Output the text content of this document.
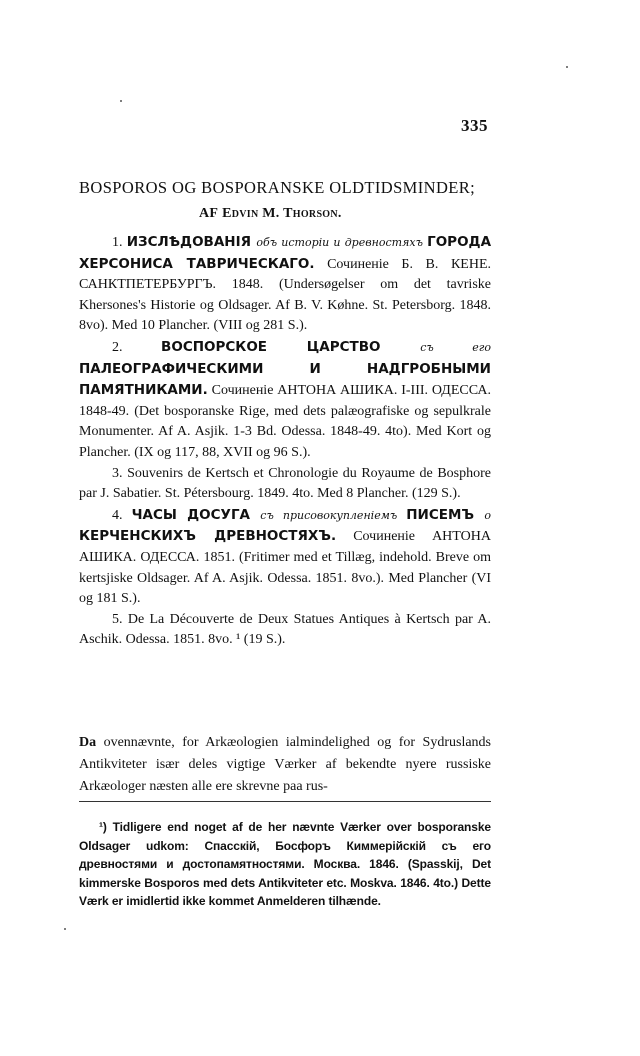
335
BOSPOROS OG BOSPORANSKE OLDTIDSMINDER;
AF Edvin M. Thorson.

1. ИЗСЛѢДОВАНІЯ объ исторіи и древностяхъ ГОРОДА ХЕРСОНИСА ТАВРИЧЕСКАГО. Сочиненіе Б. В. КЕНЕ. САНКТПЕТЕРБУРГЪ. 1848. (Undersøgelser om det tavriske Khersones's Historie og Oldsager. Af B. V. Køhne. St. Petersborg. 1848. 8vo). Med 10 Plancher. (VIII og 281 S.).

2. ВОСПОРСКОЕ ЦАРСТВО съ его ПАЛЕОГРАФИЧЕСКИМИ И НАДГРОБНЫМИ ПАМЯТНИКАМИ. Сочиненіе АНТОНА АШИКА. I-III. ОДЕССА. 1848-49. (Det bosporanske Rige, med dets palæografiske og sepulkrale Monumenter. Af A. Asjik. 1-3 Bd. Odessa. 1848-49. 4to). Med Kort og Plancher. (IX og 117, 88, XVII og 96 S.).

3. Souvenirs de Kertsch et Chronologie du Royaume de Bosphore par J. Sabatier. St. Pétersbourg. 1849. 4to. Med 8 Plancher. (129 S.).

4. ЧАСЫ ДОСУГА съ присовокупленіемъ ПИСЕМЪ о КЕРЧЕНСКИХЪ ДРЕВНОСТЯХЪ. Сочиненіе АНТОНА АШИКА. ОДЕССА. 1851. (Fritimer med et Tillæg, indehold. Breve om kertsjiske Oldsager. Af A. Asjik. Odessa. 1851. 8vo.). Med Plancher (VI og 181 S.).

5. De La Découverte de Deux Statues Antiques à Kertsch par A. Aschik. Odessa. 1851. 8vo. ¹ (19 S.).

Da ovennævnte, for Arkæologien ialmindelighed og for Sydruslands Antikviteter især deles vigtige Værker af bekendte nyere russiske Arkæologer næsten alle ere skrevne paa rus-

¹) Tidligere end noget af de her nævnte Værker over bosporanske Oldsager udkom: Спасскій, Босфоръ Киммерійскій съ его древностями и достопамятностями. Москва. 1846. (Spasskij, Det kimmerske Bosporos med dets Antikviteter etc. Moskva. 1846. 4to.) Dette Værk er imidlertid ikke kommet Anmelderen tilhænde.
